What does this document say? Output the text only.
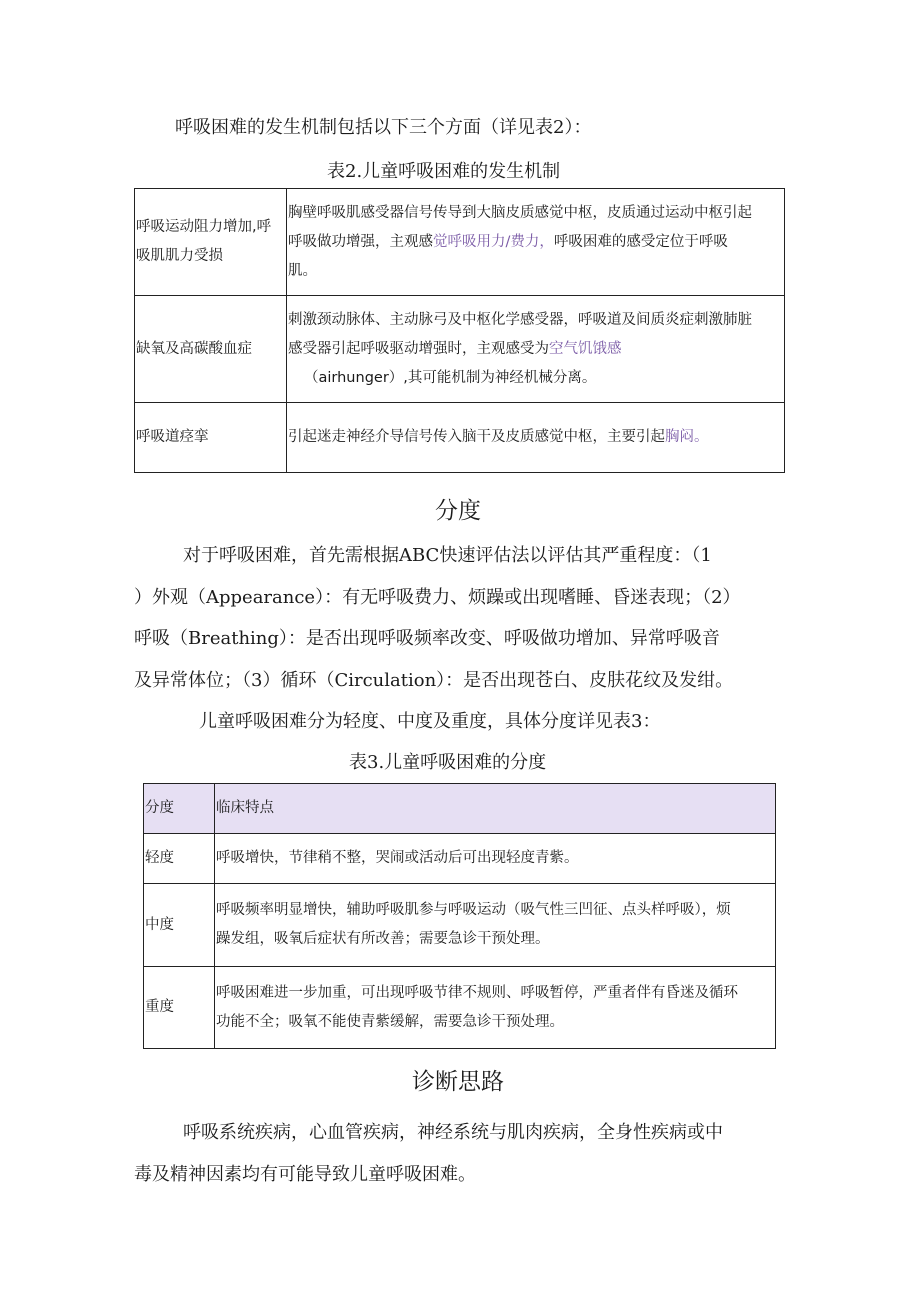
呼吸困难的发生机制包括以下三个方面（详见表2）：
表2.儿童呼吸困难的发生机制
呼吸运动阻力增加,呼
吸肌肌力受损	胸壁呼吸肌感受器信号传导到大脑皮质感觉中枢，皮质通过运动中枢引起
呼吸做功增强，主观感觉呼吸用力/费力，呼吸困难的感受定位于呼吸
肌。

缺氧及高碳酸血症	刺激颈动脉体、主动脉弓及中枢化学感受器，呼吸道及间质炎症刺激肺脏
感受器引起呼吸驱动增强时，主观感受为空气饥饿感
（airhunger）,其可能机制为神经机械分离。

呼吸道痉挛	引起迷走神经介导信号传入脑干及皮质感觉中枢，主要引起胸闷。
分度
对于呼吸困难，首先需根据ABC快速评估法以评估其严重程度：（1
）外观（Appearance）：有无呼吸费力、烦躁或出现嗜睡、昏迷表现；（2）
呼吸（Breathing）：是否出现呼吸频率改变、呼吸做功增加、异常呼吸音
及异常体位；（3）循环（Circulation）：是否出现苍白、皮肤花纹及发绀。
儿童呼吸困难分为轻度、中度及重度，具体分度详见表3：
表3.儿童呼吸困难的分度
分度	临床特点
轻度	呼吸增快，节律稍不整，哭闹或活动后可出现轻度青紫。

中度	呼吸频率明显增快，辅助呼吸肌参与呼吸运动（吸气性三凹征、点头样呼吸），烦
躁发组，吸氧后症状有所改善；需要急诊干预处理。

重度	呼吸困难进一步加重，可出现呼吸节律不规则、呼吸暂停，严重者伴有昏迷及循环
功能不全；吸氧不能使青紫缓解，需要急诊干预处理。
诊断思路
呼吸系统疾病，心血管疾病，神经系统与肌肉疾病，全身性疾病或中
毒及精神因素均有可能导致儿童呼吸困难。
